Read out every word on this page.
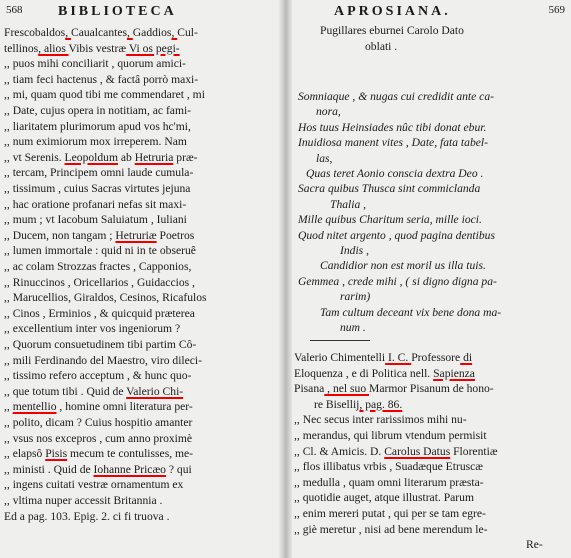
568	BIBLIOTECA
Frescobaldos, Caualcantes, Gaddios, Cul-
tellinos, alios Vibis vestræ Vi os pegi-
,, puos mihi conciliarit , quorum amici-
,, tiam feci hactenus , & factâ porrò maxi-
,, mi, quam quod tibi me commendaret , mi
,, Date, cujus opera in notitiam, ac fami-
,, liaritatem plurimorum apud vos hc'mi,
,, num eximiorum mox irreperem. Nam
,, vt Serenis. Leopoldum ab Hetruria præ-
,, tercam, Principem omni laude cumula-
,, tissimum , cuius Sacras virtutes jejuna
,, hac oratione profanari nefas sit maxi-
,, mum ; vt Iacobum Saluiatum , Iuliani
,, Ducem, non tangam ; Hetruriæ Poetros
,, lumen immortale : quid ni in te obseruê
,, ac colam Strozzas fractes , Capponios,
,, Rinuccinos , Oricellarios , Guidaccios ,
,, Marucellios, Giraldos, Cesinos, Ricafulos
,, Cinos , Erminios , & quicquid præterea
,, excellentium inter vos ingeniorum ?
,, Quorum consuetudinem tibi partim Cô-
,, mili Ferdinando del Maestro, viro dileci-
,, tissimo refero acceptum , & hunc quo-
,, que totum tibi . Quid de Valerio Chi-
,, mentellio , homine omni literatura per-
,, polito, dicam ? Cuius hospitio amanter
,, vsus nos excepros , cum anno proximè
,, elapsô Pisis mecum te contulisses, me-
,, ministi . Quid de Iohanne Pricæo ? qui
,, ingens cuitati vestræ ornamentum ex
,, vltima nuper accessit Britannia .
Ed a pag. 103. Epig. 2. ci fi truova .
APROSIANA.	569
Pugillares eburnei Carolo Dato
oblati .
Somniaque , & nugas cui credidit ante ca-
nora,
Hos tuus Heinsiades nûc tibi donat ebur.
Inuidiosa manent vites , Date, fata tabel-
las,
Quas teret Aonio conscia dextra Deo .
Sacra quibus Thusca sint commiclanda
Thalia ,
Mille quibus Charitum seria, mille ioci.
Quod nitet argento , quod pagina dentibus
Indis ,
Candidior non est moril us illa tuis.
Gemmea , crede mihi , ( si digno digna pa-
rarim)
Tam cultum deceant vix bene dona ma-
num .
Valerio Chimentelli I. C. Professore di
Eloquenza , e di Politica nell. Sapienza
Pisana , nel suo Marmor Pisanum de hono-
re Bisellij, pag. 86.
,, Nec secus inter rarissimos mihi nu-
,, merandus, qui librum vtendum permisit
,, Cl. & Amicis. D. Carolus Datus Florentiæ
,, flos illibatus vrbis , Suadæque Etruscæ
,, medulla , quam omni literarum præsta-
,, quotidie auget, atque illustrat. Parum
,, enim mereri putat , qui per se tam egre-
,, giè meretur , nisi ad bene merendum le-
Re-
